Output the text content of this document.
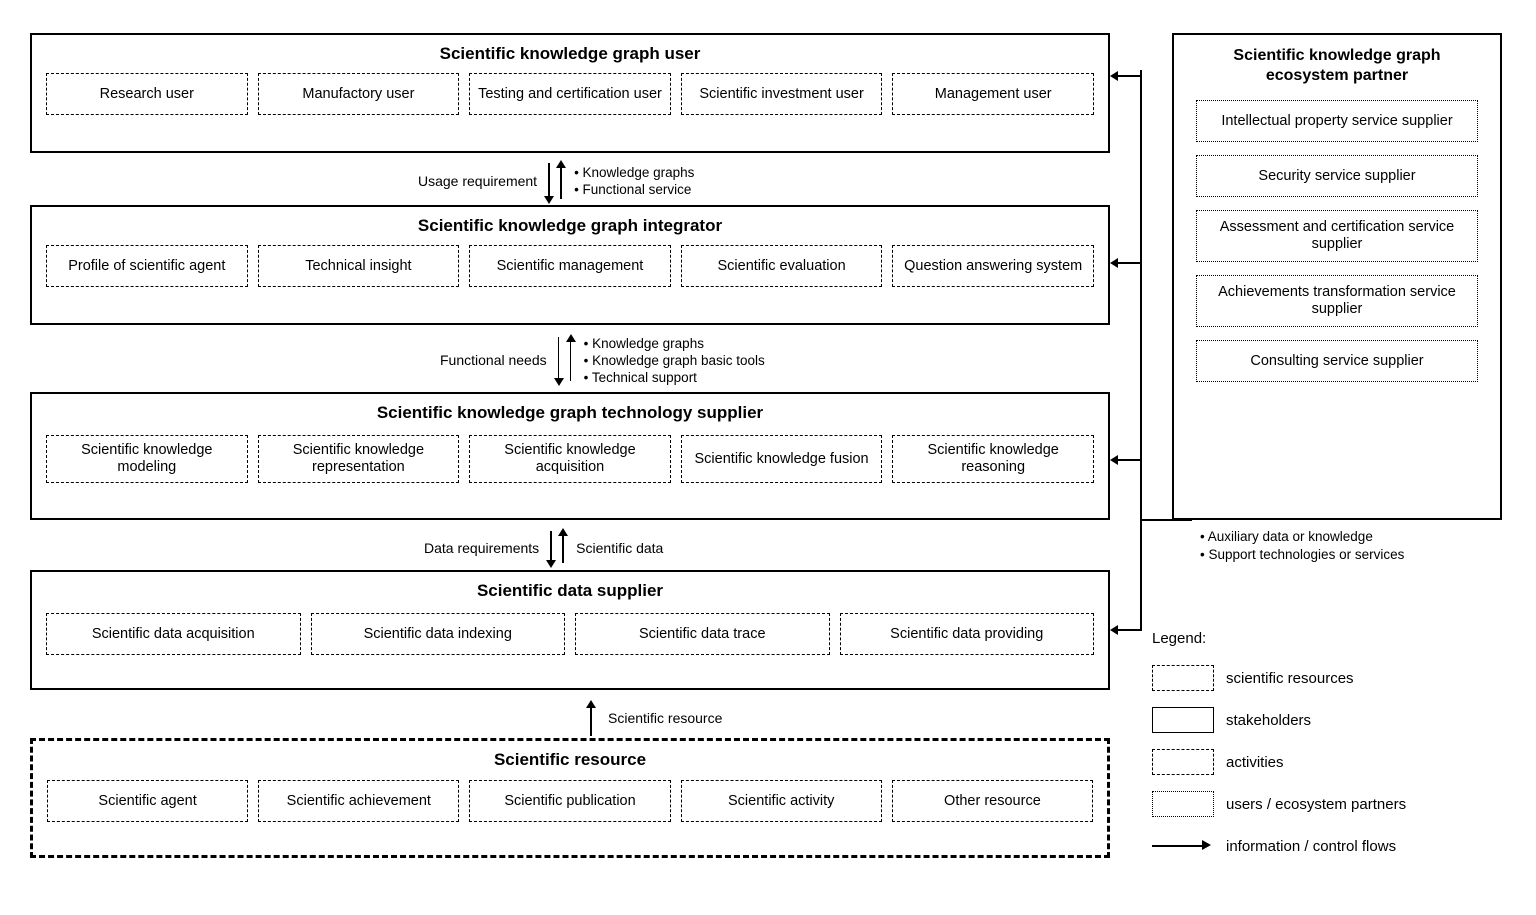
Scientific knowledge graph user
Research user	Manufactory user	Testing and certification user	Scientific investment user	Management user
Usage requirement	• Knowledge graphs
• Functional service
Scientific knowledge graph integrator
Profile of scientific agent	Technical insight	Scientific management	Scientific evaluation	Question answering system
Functional needs
• Knowledge graphs
• Knowledge graph basic tools
• Technical support
Scientific knowledge graph technology supplier
Scientific knowledge modeling
Scientific knowledge representation
Scientific knowledge acquisition
Scientific knowledge fusion
Scientific knowledge reasoning
Data requirements	Scientific data
Scientific data supplier
Scientific data acquisition	Scientific data indexing	Scientific data trace	Scientific data providing
Scientific resource
Scientific resource
Scientific agent	Scientific achievement	Scientific publication	Scientific activity	Other resource
Scientific knowledge graph ecosystem partner
Intellectual property service supplier
Security service supplier
Assessment and certification service supplier
Achievements transformation service supplier
Consulting service supplier
• Auxiliary data or knowledge
• Support technologies or services
Legend:
scientific resources
stakeholders
activities
users / ecosystem partners
information / control flows
